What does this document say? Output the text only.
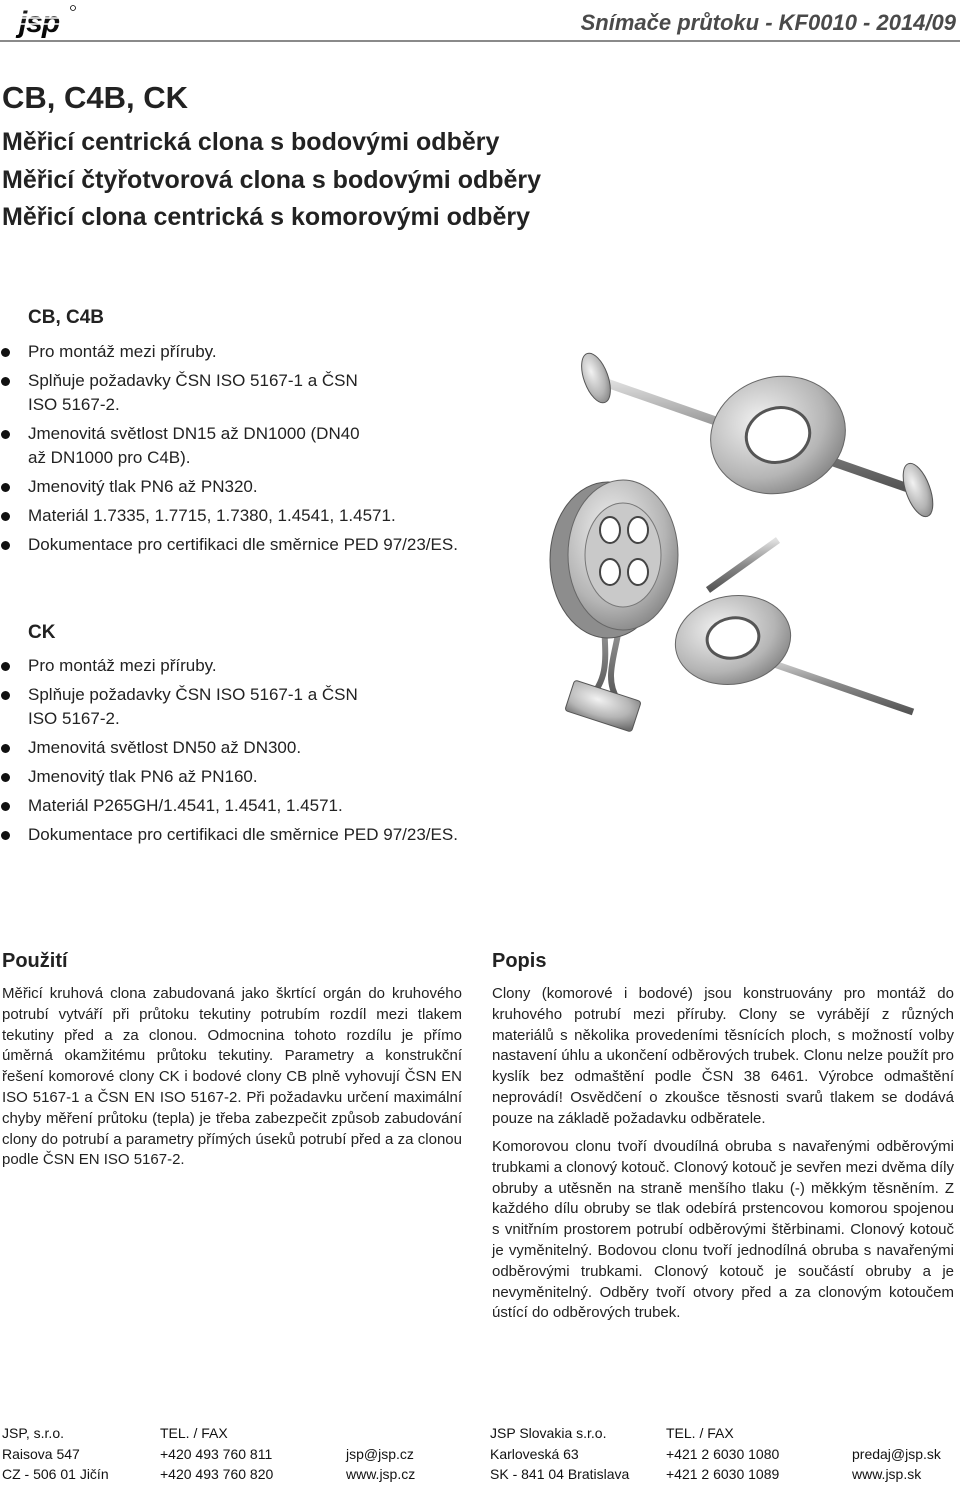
jsp	Snímače průtoku - KF0010 - 2014/09
CB, C4B, CK
Měřicí centrická clona s bodovými odběry
Měřicí čtyřotvorová clona s bodovými odběry
Měřicí clona centrická s komorovými odběry
CB, C4B
Pro montáž mezi příruby.
Splňuje požadavky ČSN ISO 5167-1 a ČSN ISO 5167-2.
Jmenovitá světlost DN15 až DN1000 (DN40 až DN1000 pro C4B).
Jmenovitý tlak PN6 až PN320.
Materiál 1.7335, 1.7715, 1.7380, 1.4541, 1.4571.
Dokumentace pro certifikaci dle směrnice PED 97/23/ES.
CK
Pro montáž mezi příruby.
Splňuje požadavky ČSN ISO 5167-1 a ČSN ISO 5167-2.
Jmenovitá světlost DN50 až DN300.
Jmenovitý tlak PN6 až PN160.
Materiál P265GH/1.4541, 1.4541, 1.4571.
Dokumentace pro certifikaci dle směrnice PED 97/23/ES.
Použití

Měřicí kruhová clona zabudovaná jako škrtící orgán do kruhového potrubí vytváří při průtoku tekutiny potrubím rozdíl mezi tlakem tekutiny před a za clonou. Odmocnina tohoto rozdílu je přímo úměrná okamžitému průtoku tekutiny. Parametry a konstrukční řešení komorové clony CK i bodové clony CB plně vyhovují ČSN EN ISO 5167-1 a ČSN EN ISO 5167-2. Při požadavku určení maximální chyby měření průtoku (tepla) je třeba zabezpečit způsob zabudování clony do potrubí a parametry přímých úseků potrubí před a za clonou podle ČSN EN ISO 5167-2.

Popis

Clony (komorové i bodové) jsou konstruovány pro montáž do kruhového potrubí mezi příruby. Clony se vyrábějí z různých materiálů s několika provedeními těsnících ploch, s možností volby nastavení úhlu a ukončení odběrových trubek. Clonu nelze použít pro kyslík bez odmaštění podle ČSN 38 6461. Výrobce odmaštění neprovádí! Osvědčení o zkoušce těsnosti svarů tlakem se dodává pouze na základě požadavku odběratele.

Komorovou clonu tvoří dvoudílná obruba s navařenými odběrovými trubkami a clonový kotouč. Clonový kotouč je sevřen mezi dvěma díly obruby a utěsněn na straně menšího tlaku (-) měkkým těsněním. Z každého dílu obruby se tlak odebírá prstencovou komorou spojenou s vnitřním prostorem potrubí odběrovými štěrbinami. Clonový kotouč je vyměnitelný. Bodovou clonu tvoří jednodílná obruba s navařenými odběrovými trubkami. Clonový kotouč je součástí obruby a je nevyměnitelný. Odběry tvoří otvory před a za clonovým kotoučem ústící do odběrových trubek.

JSP, s.r.o.
Raisova 547
CZ - 506 01 Jičín
TEL. / FAX
+420 493 760 811
+420 493 760 820
jsp@jsp.cz
www.jsp.cz
JSP Slovakia s.r.o.
Karloveská 63
SK - 841 04 Bratislava
TEL. / FAX
+421 2 6030 1080
+421 2 6030 1089
predaj@jsp.sk
www.jsp.sk
